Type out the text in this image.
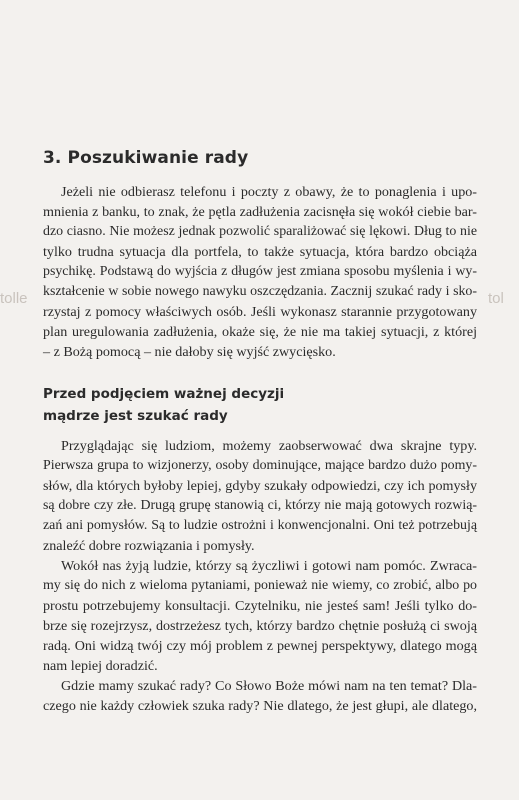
tolle	tol
3. Poszukiwanie rady
Jeżeli nie odbierasz telefonu i poczty z obawy, że to ponaglenia i upo-
mnienia z banku, to znak, że pętla zadłużenia zacisnęła się wokół ciebie bar-
dzo ciasno. Nie możesz jednak pozwolić sparaliżować się lękowi. Dług to nie
tylko trudna sytuacja dla portfela, to także sytuacja, która bardzo obciąża
psychikę. Podstawą do wyjścia z długów jest zmiana sposobu myślenia i wy-
kształcenie w sobie nowego nawyku oszczędzania. Zacznij szukać rady i sko-
rzystaj z pomocy właściwych osób. Jeśli wykonasz starannie przygotowany
plan uregulowania zadłużenia, okaże się, że nie ma takiej sytuacji, z której
– z Bożą pomocą – nie dałoby się wyjść zwycięsko.
Przed podjęciem ważnej decyzji
mądrze jest szukać rady
Przyglądając się ludziom, możemy zaobserwować dwa skrajne typy.
Pierwsza grupa to wizjonerzy, osoby dominujące, mające bardzo dużo pomy-
słów, dla których byłoby lepiej, gdyby szukały odpowiedzi, czy ich pomysły
są dobre czy złe. Drugą grupę stanowią ci, którzy nie mają gotowych rozwią-
zań ani pomysłów. Są to ludzie ostrożni i konwencjonalni. Oni też potrzebują
znaleźć dobre rozwiązania i pomysły.
Wokół nas żyją ludzie, którzy są życzliwi i gotowi nam pomóc. Zwraca-
my się do nich z wieloma pytaniami, ponieważ nie wiemy, co zrobić, albo po
prostu potrzebujemy konsultacji. Czytelniku, nie jesteś sam! Jeśli tylko do-
brze się rozejrzysz, dostrzeżesz tych, którzy bardzo chętnie posłużą ci swoją
radą. Oni widzą twój czy mój problem z pewnej perspektywy, dlatego mogą
nam lepiej doradzić.
Gdzie mamy szukać rady? Co Słowo Boże mówi nam na ten temat? Dla-
czego nie każdy człowiek szuka rady? Nie dlatego, że jest głupi, ale dlatego,
